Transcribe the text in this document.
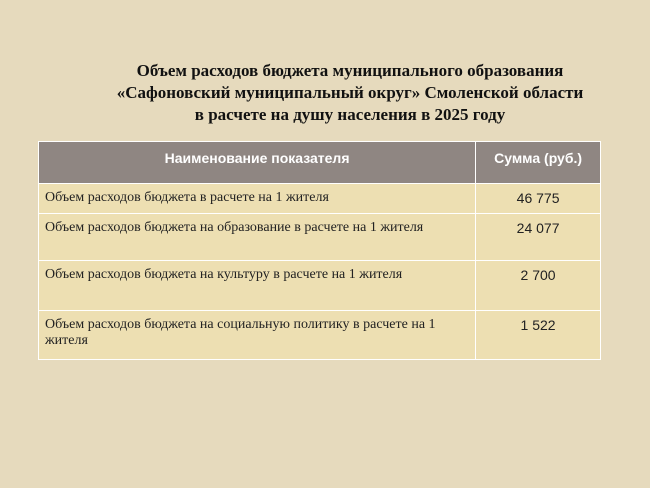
Объем расходов бюджета муниципального образования
«Сафоновский муниципальный округ» Смоленской области
в расчете на душу населения в 2025 году
Наименование показателя	Сумма (руб.)
Объем расходов бюджета в расчете на 1 жителя	46 775
Объем расходов бюджета на образование в расчете на 1 жителя	24 077
Объем расходов бюджета на культуру в расчете на 1 жителя	2 700
Объем расходов бюджета на социальную политику в расчете на 1 жителя	1 522
